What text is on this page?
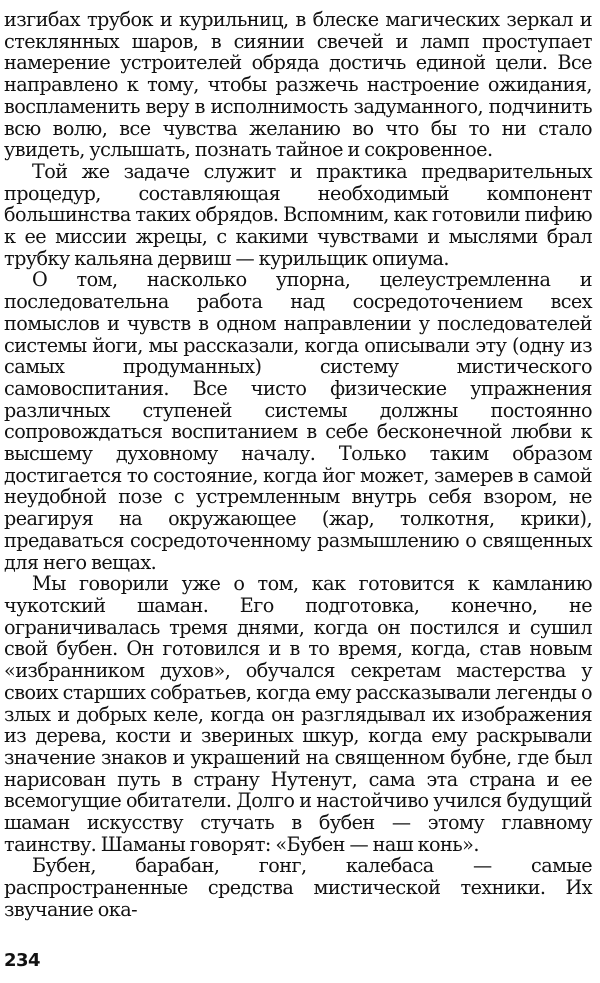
изгибах трубок и курильниц, в блеске магических зеркал и стеклянных шаров, в сиянии свечей и ламп проступает намерение устроителей обряда достичь единой цели. Все направлено к тому, чтобы разжечь настроение ожидания, воспламенить веру в исполнимость задуманного, подчинить всю волю, все чувства желанию во что бы то ни стало увидеть, услышать, познать тайное и сокровенное.

Той же задаче служит и практика предварительных процедур, составляющая необходимый компонент большинства таких обрядов. Вспомним, как готовили пифию к ее миссии жрецы, с какими чувствами и мыслями брал трубку кальяна дервиш — курильщик опиума.

О том, насколько упорна, целеустремленна и последовательна работа над сосредоточением всех помыслов и чувств в одном направлении у последователей системы йоги, мы рассказали, когда описывали эту (одну из самых продуманных) систему мистического самовоспитания. Все чисто физические упражнения различных ступеней системы должны постоянно сопровождаться воспитанием в себе бесконечной любви к высшему духовному началу. Только таким образом достигается то состояние, когда йог может, замерев в самой неудобной позе с устремленным внутрь себя взором, не реагируя на окружающее (жар, толкотня, крики), предаваться сосредоточенному размышлению о священных для него вещах.

Мы говорили уже о том, как готовится к камланию чукотский шаман. Его подготовка, конечно, не ограничивалась тремя днями, когда он постился и сушил свой бубен. Он готовился и в то время, когда, став новым «избранником духов», обучался секретам мастерства у своих старших собратьев, когда ему рассказывали легенды о злых и добрых келе, когда он разглядывал их изображения из дерева, кости и звериных шкур, когда ему раскрывали значение знаков и украшений на священном бубне, где был нарисован путь в страну Нутенут, сама эта страна и ее всемогущие обитатели. Долго и настойчиво учился будущий шаман искусству стучать в бубен — этому главному таинству. Шаманы говорят: «Бубен — наш конь».

Бубен, барабан, гонг, калебаса — самые распространенные средства мистической техники. Их звучание ока-

234
